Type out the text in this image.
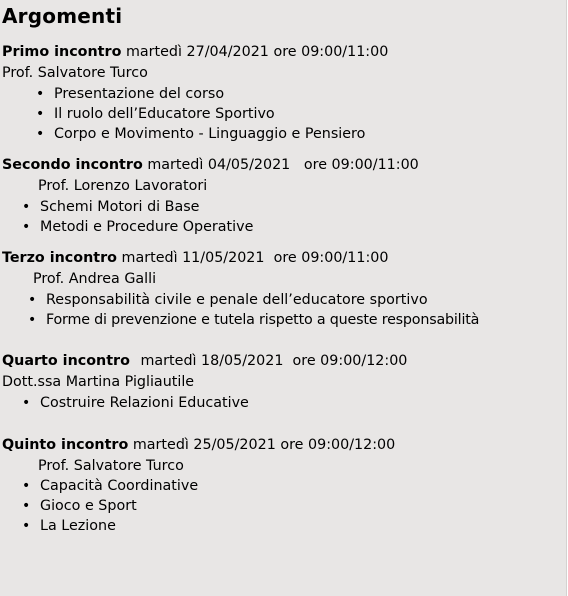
Argomenti
Primo incontro martedì 27/04/2021 ore 09:00/11:00
Prof. Salvatore Turco
• Presentazione del corso
• Il ruolo dell’Educatore Sportivo
• Corpo e Movimento - Linguaggio e Pensiero
Secondo incontro martedì 04/05/2021   ore 09:00/11:00
Prof. Lorenzo Lavoratori
• Schemi Motori di Base
• Metodi e Procedure Operative
Terzo incontro martedì 11/05/2021  ore 09:00/11:00
Prof. Andrea Galli
• Responsabilità civile e penale dell’educatore sportivo
• Forme di prevenzione e tutela rispetto a queste responsabilità
Quarto incontro martedì 18/05/2021  ore 09:00/12:00
Dott.ssa Martina Pigliautile
• Costruire Relazioni Educative
Quinto incontro martedì 25/05/2021 ore 09:00/12:00
Prof. Salvatore Turco
• Capacità Coordinative
• Gioco e Sport
• La Lezione
